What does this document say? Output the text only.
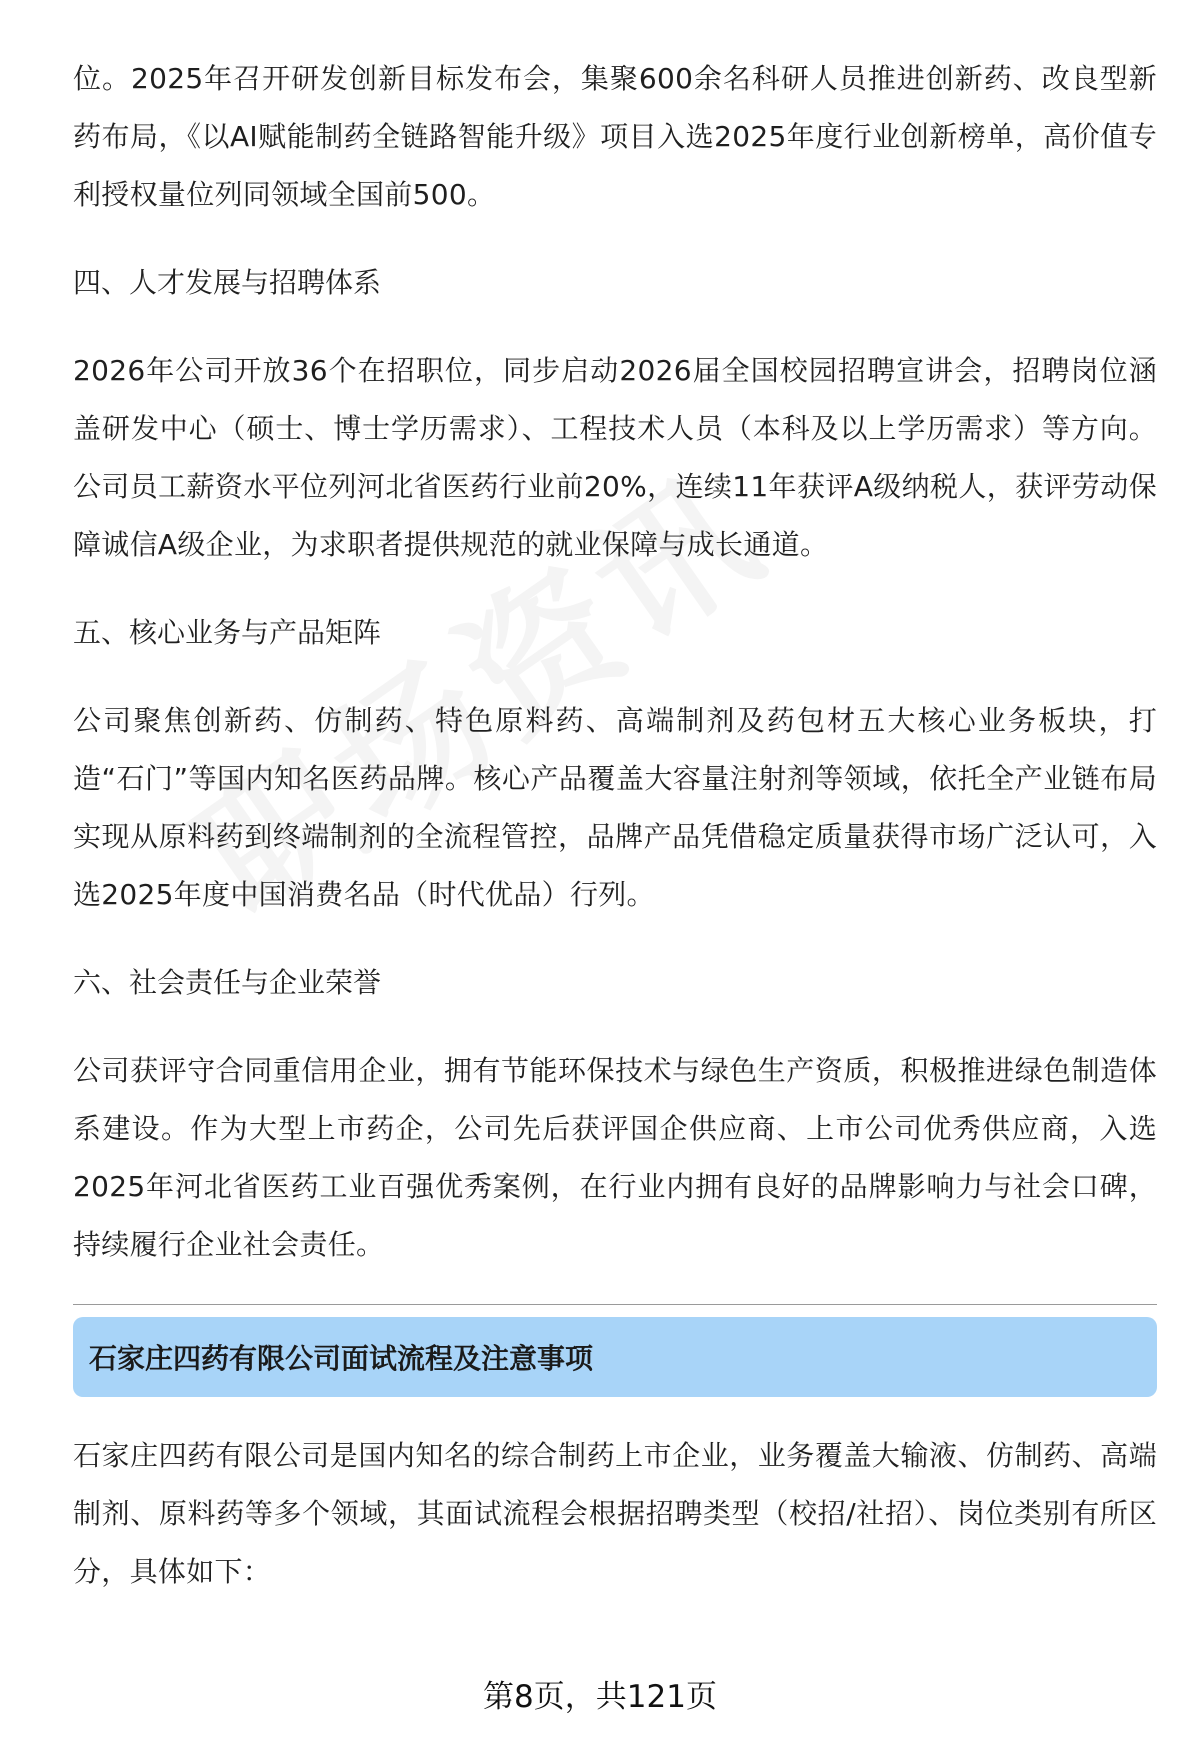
位。2025年召开研发创新目标发布会，集聚600余名科研人员推进创新药、改良型新药布局，《以AI赋能制药全链路智能升级》项目入选2025年度行业创新榜单，高价值专利授权量位列同领域全国前500。

四、人才发展与招聘体系

2026年公司开放36个在招职位，同步启动2026届全国校园招聘宣讲会，招聘岗位涵盖研发中心（硕士、博士学历需求）、工程技术人员（本科及以上学历需求）等方向。公司员工薪资水平位列河北省医药行业前20%，连续11年获评A级纳税人，获评劳动保障诚信A级企业，为求职者提供规范的就业保障与成长通道。

五、核心业务与产品矩阵

公司聚焦创新药、仿制药、特色原料药、高端制剂及药包材五大核心业务板块，打造“石门”等国内知名医药品牌。核心产品覆盖大容量注射剂等领域，依托全产业链布局实现从原料药到终端制剂的全流程管控，品牌产品凭借稳定质量获得市场广泛认可，入选2025年度中国消费名品（时代优品）行列。

六、社会责任与企业荣誉

公司获评守合同重信用企业，拥有节能环保技术与绿色生产资质，积极推进绿色制造体系建设。作为大型上市药企，公司先后获评国企供应商、上市公司优秀供应商，入选2025年河北省医药工业百强优秀案例，在行业内拥有良好的品牌影响力与社会口碑，持续履行企业社会责任。

石家庄四药有限公司面试流程及注意事项

石家庄四药有限公司是国内知名的综合制药上市企业，业务覆盖大输液、仿制药、高端制剂、原料药等多个领域，其面试流程会根据招聘类型（校招/社招）、岗位类别有所区分，具体如下：

第8页，共121页
